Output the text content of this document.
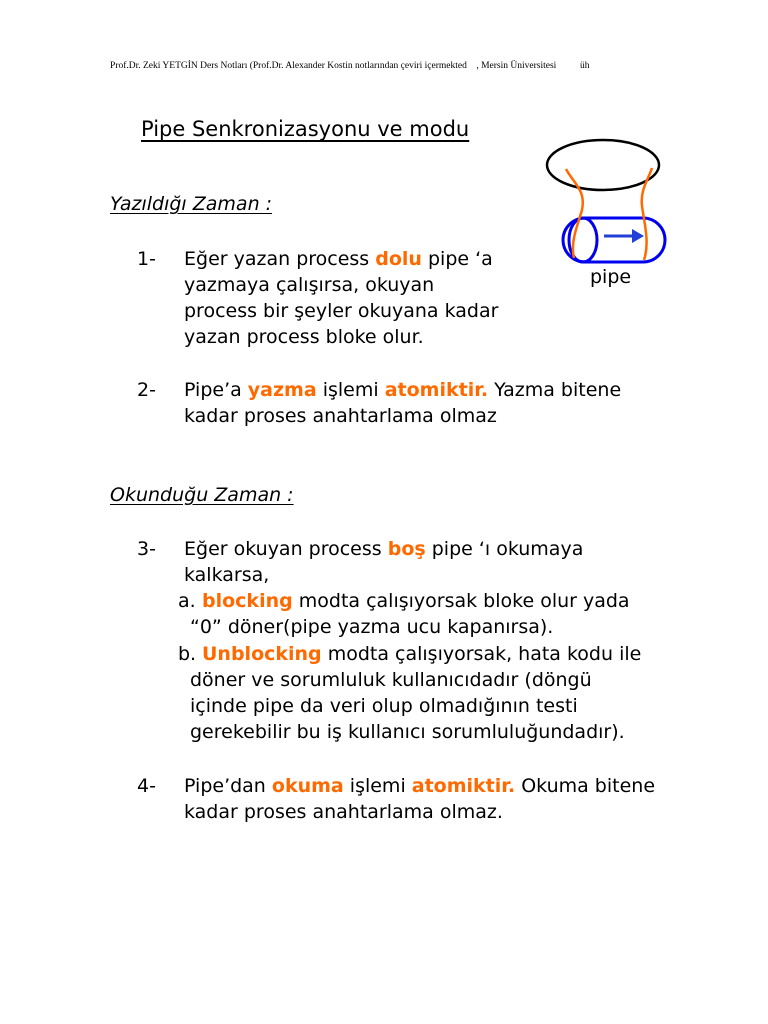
Prof.Dr. Zeki YETGİN Ders Notları (Prof.Dr. Alexander Kostin notlarından çeviri içermekted    , Mersin Üniversitesi          üh
Pipe Senkronizasyonu ve modu
pipe
Yazıldığı Zaman :
1- Eğer yazan process dolu pipe ‘a
yazmaya çalışırsa, okuyan
process bir şeyler okuyana kadar
yazan process bloke olur.
2- Pipe’a yazma işlemi atomiktir. Yazma bitene
kadar proses anahtarlama olmaz
Okunduğu Zaman :
3- Eğer okuyan process boş pipe ‘ı okumaya
kalkarsa,
a. blocking modta çalışıyorsak bloke olur yada
“0” döner(pipe yazma ucu kapanırsa).
b. Unblocking modta çalışıyorsak, hata kodu ile
döner ve sorumluluk kullanıcıdadır (döngü
içinde pipe da veri olup olmadığının testi
gerekebilir bu iş kullanıcı sorumluluğundadır).
4- Pipe’dan okuma işlemi atomiktir. Okuma bitene
kadar proses anahtarlama olmaz.
